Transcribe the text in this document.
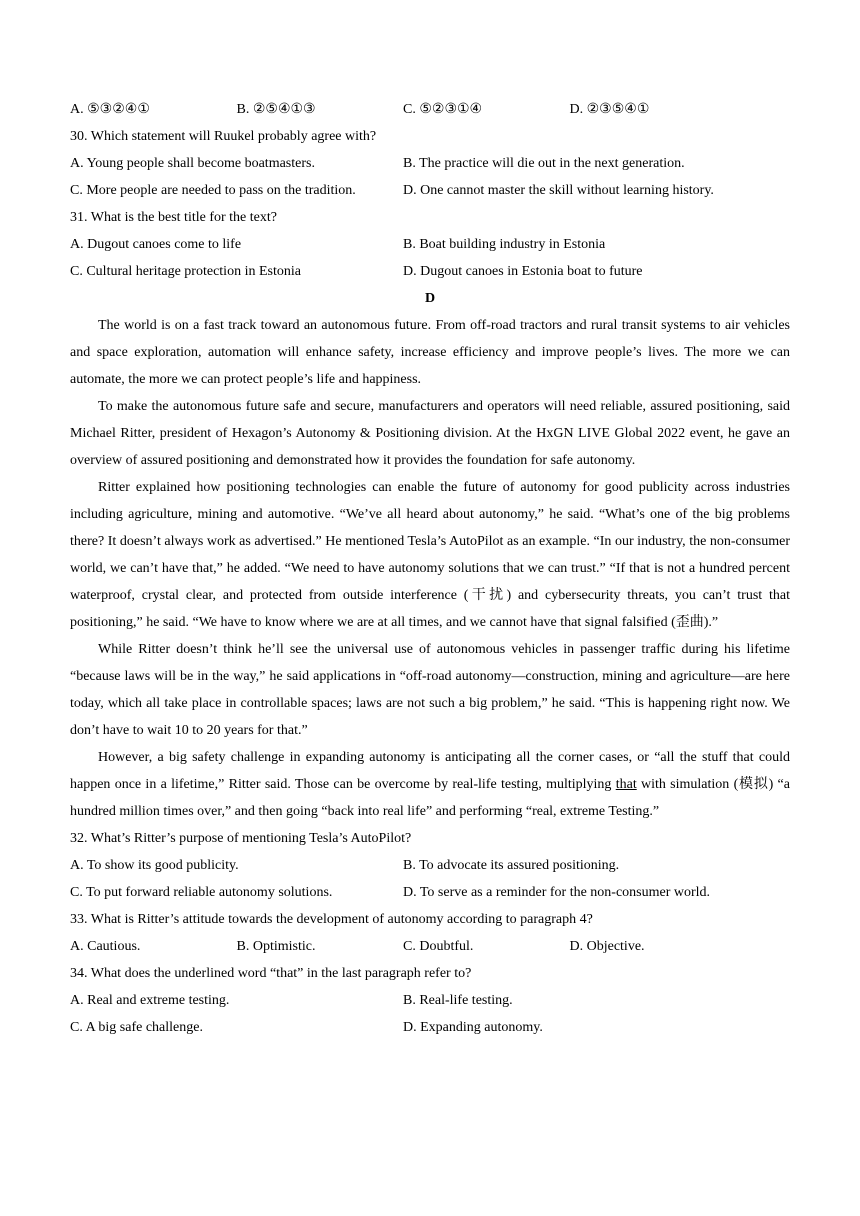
A. ⑤③②④①	B. ②⑤④①③	C. ⑤②③①④	D. ②③⑤④①
30. Which statement will Ruukel probably agree with?
A. Young people shall become boatmasters.	B. The practice will die out in the next generation.
C. More people are needed to pass on the tradition.	D. One cannot master the skill without learning history.
31. What is the best title for the text?
A. Dugout canoes come to life	B. Boat building industry in Estonia
C. Cultural heritage protection in Estonia	D. Dugout canoes in Estonia boat to future
D

The world is on a fast track toward an autonomous future. From off-road tractors and rural transit systems to air vehicles and space exploration, automation will enhance safety, increase efficiency and improve people’s lives. The more we can automate, the more we can protect people’s life and happiness.

To make the autonomous future safe and secure, manufacturers and operators will need reliable, assured positioning, said Michael Ritter, president of Hexagon’s Autonomy & Positioning division. At the HxGN LIVE Global 2022 event, he gave an overview of assured positioning and demonstrated how it provides the foundation for safe autonomy.

Ritter explained how positioning technologies can enable the future of autonomy for good publicity across industries including agriculture, mining and automotive. “We’ve all heard about autonomy,” he said. “What’s one of the big problems there? It doesn’t always work as advertised.” He mentioned Tesla’s AutoPilot as an example. “In our industry, the non-consumer world, we can’t have that,” he added. “We need to have autonomy solutions that we can trust.” “If that is not a hundred percent waterproof, crystal clear, and protected from outside interference (干扰) and cybersecurity threats, you can’t trust that positioning,” he said. “We have to know where we are at all times, and we cannot have that signal falsified (歪曲).”

While Ritter doesn’t think he’ll see the universal use of autonomous vehicles in passenger traffic during his lifetime “because laws will be in the way,” he said applications in “off-road autonomy—construction, mining and agriculture—are here today, which all take place in controllable spaces; laws are not such a big problem,” he said. “This is happening right now. We don’t have to wait 10 to 20 years for that.”

However, a big safety challenge in expanding autonomy is anticipating all the corner cases, or “all the stuff that could happen once in a lifetime,” Ritter said. Those can be overcome by real-life testing, multiplying that with simulation (模拟) “a hundred million times over,” and then going “back into real life” and performing “real, extreme Testing.”

32. What’s Ritter’s purpose of mentioning Tesla’s AutoPilot?
A. To show its good publicity.	B. To advocate its assured positioning.
C. To put forward reliable autonomy solutions.	D. To serve as a reminder for the non-consumer world.
33. What is Ritter’s attitude towards the development of autonomy according to paragraph 4?
A. Cautious.	B. Optimistic.	C. Doubtful.	D. Objective.
34. What does the underlined word “that” in the last paragraph refer to?
A. Real and extreme testing.	B. Real-life testing.
C. A big safe challenge.	D. Expanding autonomy.
